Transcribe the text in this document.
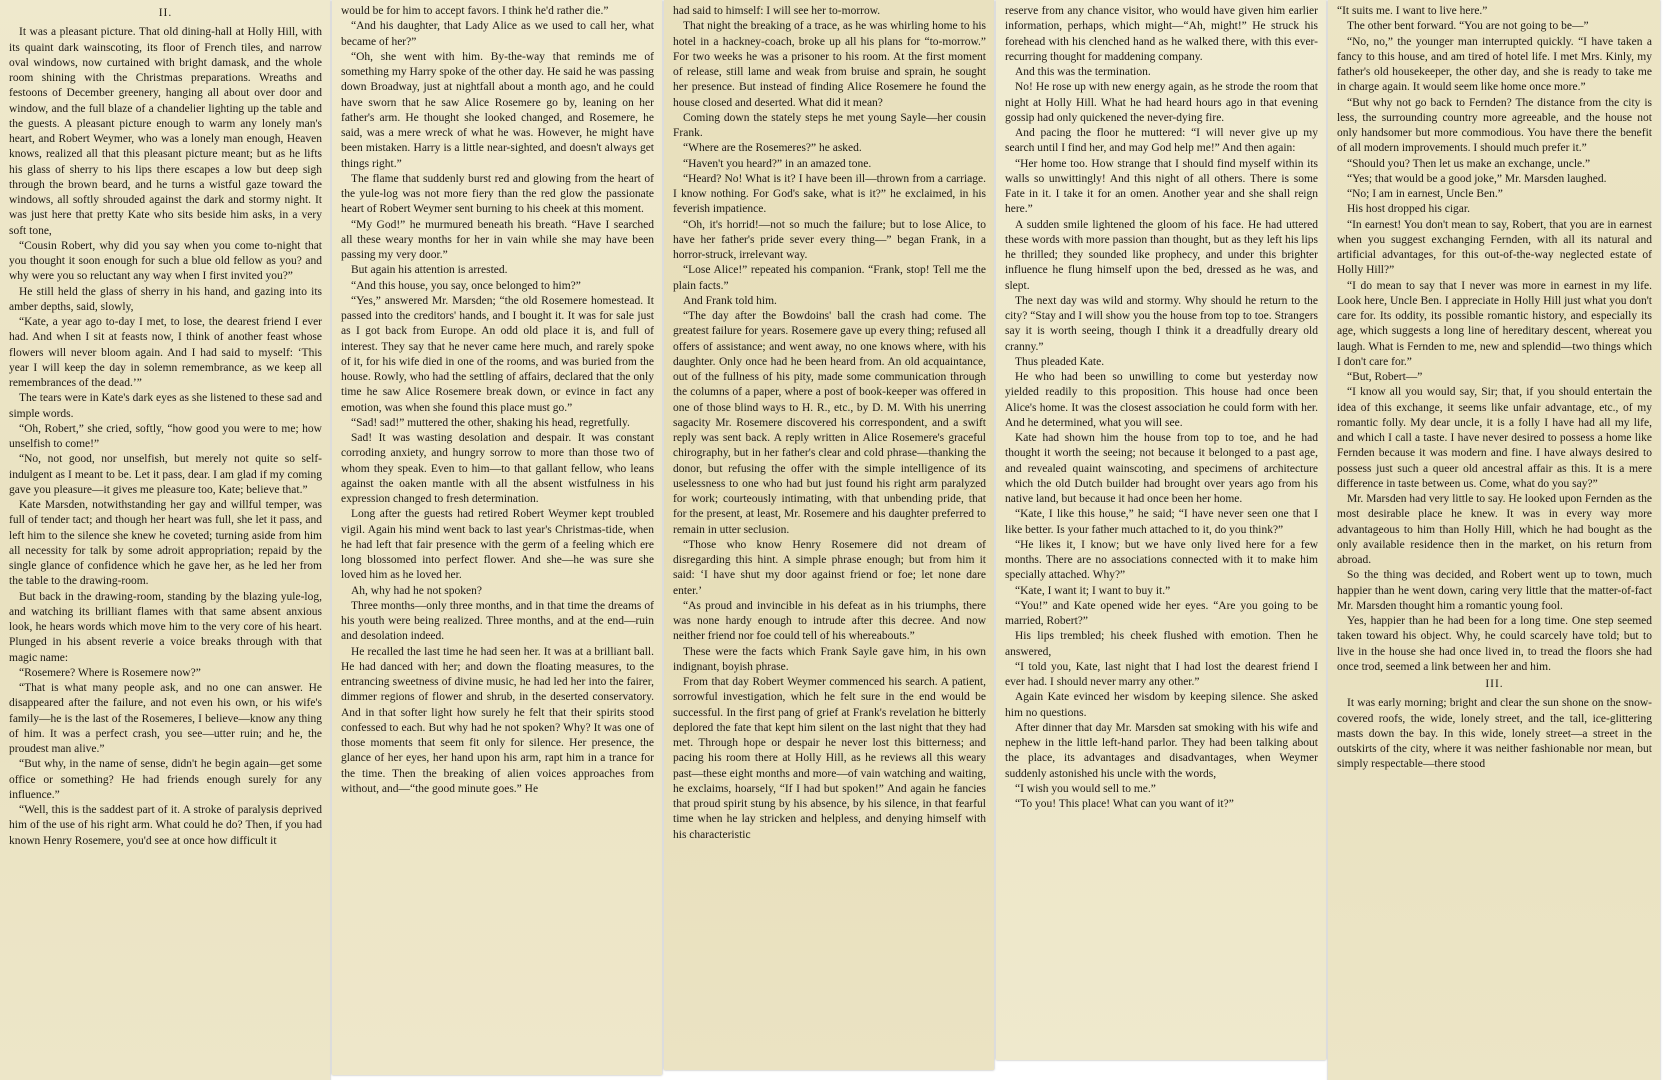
II.

It was a pleasant picture. That old dining-hall at Holly Hill, with its quaint dark wainscoting, its floor of French tiles, and narrow oval windows, now curtained with bright damask, and the whole room shining with the Christmas preparations. Wreaths and festoons of December greenery, hanging all about over door and window, and the full blaze of a chandelier lighting up the table and the guests. A pleasant picture enough to warm any lonely man's heart, and Robert Weymer, who was a lonely man enough, Heaven knows, realized all that this pleasant picture meant; but as he lifts his glass of sherry to his lips there escapes a low but deep sigh through the brown beard, and he turns a wistful gaze toward the windows, all softly shrouded against the dark and stormy night. It was just here that pretty Kate who sits beside him asks, in a very soft tone,

“Cousin Robert, why did you say when you come to-night that you thought it soon enough for such a blue old fellow as you? and why were you so reluctant any way when I first invited you?”

He still held the glass of sherry in his hand, and gazing into its amber depths, said, slowly,

“Kate, a year ago to-day I met, to lose, the dearest friend I ever had. And when I sit at feasts now, I think of another feast whose flowers will never bloom again. And I had said to myself: ‘This year I will keep the day in solemn remembrance, as we keep all remembrances of the dead.’”

The tears were in Kate's dark eyes as she listened to these sad and simple words.

“Oh, Robert,” she cried, softly, “how good you were to me; how unselfish to come!”

“No, not good, nor unselfish, but merely not quite so self-indulgent as I meant to be. Let it pass, dear. I am glad if my coming gave you pleasure—it gives me pleasure too, Kate; believe that.”

Kate Marsden, notwithstanding her gay and willful temper, was full of tender tact; and though her heart was full, she let it pass, and left him to the silence she knew he coveted; turning aside from him all necessity for talk by some adroit appropriation; repaid by the single glance of confidence which he gave her, as he led her from the table to the drawing-room.

But back in the drawing-room, standing by the blazing yule-log, and watching its brilliant flames with that same absent anxious look, he hears words which move him to the very core of his heart. Plunged in his absent reverie a voice breaks through with that magic name:

“Rosemere? Where is Rosemere now?”

“That is what many people ask, and no one can answer. He disappeared after the failure, and not even his own, or his wife's family—he is the last of the Rosemeres, I believe—know any thing of him. It was a perfect crash, you see—utter ruin; and he, the proudest man alive.”

“But why, in the name of sense, didn't he begin again—get some office or something? He had friends enough surely for any influence.”

“Well, this is the saddest part of it. A stroke of paralysis deprived him of the use of his right arm. What could he do? Then, if you had known Henry Rosemere, you'd see at once how difficult it

would be for him to accept favors. I think he'd rather die.”

“And his daughter, that Lady Alice as we used to call her, what became of her?”

“Oh, she went with him. By-the-way that reminds me of something my Harry spoke of the other day. He said he was passing down Broadway, just at nightfall about a month ago, and he could have sworn that he saw Alice Rosemere go by, leaning on her father's arm. He thought she looked changed, and Rosemere, he said, was a mere wreck of what he was. However, he might have been mistaken. Harry is a little near-sighted, and doesn't always get things right.”

The flame that suddenly burst red and glowing from the heart of the yule-log was not more fiery than the red glow the passionate heart of Robert Weymer sent burning to his cheek at this moment.

“My God!” he murmured beneath his breath. “Have I searched all these weary months for her in vain while she may have been passing my very door.”

But again his attention is arrested.

“And this house, you say, once belonged to him?”

“Yes,” answered Mr. Marsden; “the old Rosemere homestead. It passed into the creditors' hands, and I bought it. It was for sale just as I got back from Europe. An odd old place it is, and full of interest. They say that he never came here much, and rarely spoke of it, for his wife died in one of the rooms, and was buried from the house. Rowly, who had the settling of affairs, declared that the only time he saw Alice Rosemere break down, or evince in fact any emotion, was when she found this place must go.”

“Sad! sad!” muttered the other, shaking his head, regretfully.

Sad! It was wasting desolation and despair. It was constant corroding anxiety, and hungry sorrow to more than those two of whom they speak. Even to him—to that gallant fellow, who leans against the oaken mantle with all the absent wistfulness in his expression changed to fresh determination.

Long after the guests had retired Robert Weymer kept troubled vigil. Again his mind went back to last year's Christmas-tide, when he had left that fair presence with the germ of a feeling which ere long blossomed into perfect flower. And she—he was sure she loved him as he loved her.

Ah, why had he not spoken?

Three months—only three months, and in that time the dreams of his youth were being realized. Three months, and at the end—ruin and desolation indeed.

He recalled the last time he had seen her. It was at a brilliant ball. He had danced with her; and down the floating measures, to the entrancing sweetness of divine music, he had led her into the fairer, dimmer regions of flower and shrub, in the deserted conservatory. And in that softer light how surely he felt that their spirits stood confessed to each. But why had he not spoken? Why? It was one of those moments that seem fit only for silence. Her presence, the glance of her eyes, her hand upon his arm, rapt him in a trance for the time. Then the breaking of alien voices approaches from without, and—“the good minute goes.” He

had said to himself: I will see her to-morrow.

That night the breaking of a trace, as he was whirling home to his hotel in a hackney-coach, broke up all his plans for “to-morrow.” For two weeks he was a prisoner to his room. At the first moment of release, still lame and weak from bruise and sprain, he sought her presence. But instead of finding Alice Rosemere he found the house closed and deserted. What did it mean?

Coming down the stately steps he met young Sayle—her cousin Frank.

“Where are the Rosemeres?” he asked.

“Haven't you heard?” in an amazed tone.

“Heard? No! What is it? I have been ill—thrown from a carriage. I know nothing. For God's sake, what is it?” he exclaimed, in his feverish impatience.

“Oh, it's horrid!—not so much the failure; but to lose Alice, to have her father's pride sever every thing—” began Frank, in a horror-struck, irrelevant way.

“Lose Alice!” repeated his companion. “Frank, stop! Tell me the plain facts.”

And Frank told him.

“The day after the Bowdoins' ball the crash had come. The greatest failure for years. Rosemere gave up every thing; refused all offers of assistance; and went away, no one knows where, with his daughter. Only once had he been heard from. An old acquaintance, out of the fullness of his pity, made some communication through the columns of a paper, where a post of book-keeper was offered in one of those blind ways to H. R., etc., by D. M. With his unerring sagacity Mr. Rosemere discovered his correspondent, and a swift reply was sent back. A reply written in Alice Rosemere's graceful chirography, but in her father's clear and cold phrase—thanking the donor, but refusing the offer with the simple intelligence of its uselessness to one who had but just found his right arm paralyzed for work; courteously intimating, with that unbending pride, that for the present, at least, Mr. Rosemere and his daughter preferred to remain in utter seclusion.

“Those who know Henry Rosemere did not dream of disregarding this hint. A simple phrase enough; but from him it said: ‘I have shut my door against friend or foe; let none dare enter.’

“As proud and invincible in his defeat as in his triumphs, there was none hardy enough to intrude after this decree. And now neither friend nor foe could tell of his whereabouts.”

These were the facts which Frank Sayle gave him, in his own indignant, boyish phrase.

From that day Robert Weymer commenced his search. A patient, sorrowful investigation, which he felt sure in the end would be successful. In the first pang of grief at Frank's revelation he bitterly deplored the fate that kept him silent on the last night that they had met. Through hope or despair he never lost this bitterness; and pacing his room there at Holly Hill, as he reviews all this weary past—these eight months and more—of vain watching and waiting, he exclaims, hoarsely, “If I had but spoken!” And again he fancies that proud spirit stung by his absence, by his silence, in that fearful time when he lay stricken and helpless, and denying himself with his characteristic

reserve from any chance visitor, who would have given him earlier information, perhaps, which might—“Ah, might!” He struck his forehead with his clenched hand as he walked there, with this ever-recurring thought for maddening company.

And this was the termination.

No! He rose up with new energy again, as he strode the room that night at Holly Hill. What he had heard hours ago in that evening gossip had only quickened the never-dying fire.

And pacing the floor he muttered: “I will never give up my search until I find her, and may God help me!” And then again:

“Her home too. How strange that I should find myself within its walls so unwittingly! And this night of all others. There is some Fate in it. I take it for an omen. Another year and she shall reign here.”

A sudden smile lightened the gloom of his face. He had uttered these words with more passion than thought, but as they left his lips he thrilled; they sounded like prophecy, and under this brighter influence he flung himself upon the bed, dressed as he was, and slept.

The next day was wild and stormy. Why should he return to the city? “Stay and I will show you the house from top to toe. Strangers say it is worth seeing, though I think it a dreadfully dreary old cranny.”

Thus pleaded Kate.

He who had been so unwilling to come but yesterday now yielded readily to this proposition. This house had once been Alice's home. It was the closest association he could form with her. And he determined, what you will see.

Kate had shown him the house from top to toe, and he had thought it worth the seeing; not because it belonged to a past age, and revealed quaint wainscoting, and specimens of architecture which the old Dutch builder had brought over years ago from his native land, but because it had once been her home.

“Kate, I like this house,” he said; “I have never seen one that I like better. Is your father much attached to it, do you think?”

“He likes it, I know; but we have only lived here for a few months. There are no associations connected with it to make him specially attached. Why?”

“Kate, I want it; I want to buy it.”

“You!” and Kate opened wide her eyes. “Are you going to be married, Robert?”

His lips trembled; his cheek flushed with emotion. Then he answered,

“I told you, Kate, last night that I had lost the dearest friend I ever had. I should never marry any other.”

Again Kate evinced her wisdom by keeping silence. She asked him no questions.

After dinner that day Mr. Marsden sat smoking with his wife and nephew in the little left-hand parlor. They had been talking about the place, its advantages and disadvantages, when Weymer suddenly astonished his uncle with the words,

“I wish you would sell to me.”

“To you! This place! What can you want of it?”

“It suits me. I want to live here.”

The other bent forward. “You are not going to be—”

“No, no,” the younger man interrupted quickly. “I have taken a fancy to this house, and am tired of hotel life. I met Mrs. Kinly, my father's old housekeeper, the other day, and she is ready to take me in charge again. It would seem like home once more.”

“But why not go back to Fernden? The distance from the city is less, the surrounding country more agreeable, and the house not only handsomer but more commodious. You have there the benefit of all modern improvements. I should much prefer it.”

“Should you? Then let us make an exchange, uncle.”

“Yes; that would be a good joke,” Mr. Marsden laughed.

“No; I am in earnest, Uncle Ben.”

His host dropped his cigar.

“In earnest! You don't mean to say, Robert, that you are in earnest when you suggest exchanging Fernden, with all its natural and artificial advantages, for this out-of-the-way neglected estate of Holly Hill?”

“I do mean to say that I never was more in earnest in my life. Look here, Uncle Ben. I appreciate in Holly Hill just what you don't care for. Its oddity, its possible romantic history, and especially its age, which suggests a long line of hereditary descent, whereat you laugh. What is Fernden to me, new and splendid—two things which I don't care for.”

“But, Robert—”

“I know all you would say, Sir; that, if you should entertain the idea of this exchange, it seems like unfair advantage, etc., of my romantic folly. My dear uncle, it is a folly I have had all my life, and which I call a taste. I have never desired to possess a home like Fernden because it was modern and fine. I have always desired to possess just such a queer old ancestral affair as this. It is a mere difference in taste between us. Come, what do you say?”

Mr. Marsden had very little to say. He looked upon Fernden as the most desirable place he knew. It was in every way more advantageous to him than Holly Hill, which he had bought as the only available residence then in the market, on his return from abroad.

So the thing was decided, and Robert went up to town, much happier than he went down, caring very little that the matter-of-fact Mr. Marsden thought him a romantic young fool.

Yes, happier than he had been for a long time. One step seemed taken toward his object. Why, he could scarcely have told; but to live in the house she had once lived in, to tread the floors she had once trod, seemed a link between her and him.

III.

It was early morning; bright and clear the sun shone on the snow-covered roofs, the wide, lonely street, and the tall, ice-glittering masts down the bay. In this wide, lonely street—a street in the outskirts of the city, where it was neither fashionable nor mean, but simply respectable—there stood
